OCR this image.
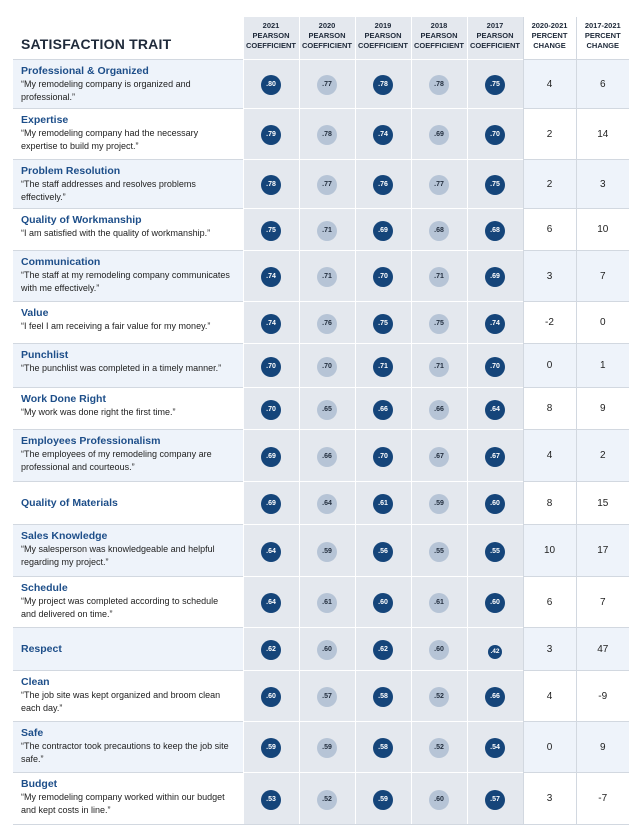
SATISFACTION TRAIT	2021
PEARSON
COEFFICIENT	2020
PEARSON
COEFFICIENT	2019
PEARSON
COEFFICIENT	2018
PEARSON
COEFFICIENT	2017
PEARSON
COEFFICIENT	2020-2021
PERCENT
CHANGE	2017-2021
PERCENT
CHANGE

Professional & Organized
“My remodeling company is organized and professional.”	.80	.77	.78	.78	.75	4	6

Expertise
“My remodeling company had the necessary expertise to build my project.”	.79	.78	.74	.69	.70	2	14

Problem Resolution
“The staff addresses and resolves problems effectively.”	.78	.77	.76	.77	.75	2	3

Quality of Workmanship
“I am satisfied with the quality of workmanship.”	.75	.71	.69	.68	.68	6	10

Communication
“The staff at my remodeling company communicates with me effectively.”	.74	.71	.70	.71	.69	3	7

Value
“I feel I am receiving a fair value for my money.”	.74	.76	.75	.75	.74	-2	0

Punchlist
“The punchlist was completed in a timely manner.”	.70	.70	.71	.71	.70	0	1

Work Done Right
“My work was done right the first time.”	.70	.65	.66	.66	.64	8	9

Employees Professionalism
“The employees of my remodeling company are professional and courteous.”	.69	.66	.70	.67	.67	4	2

Quality of Materials	.69	.64	.61	.59	.60	8	15

Sales Knowledge
“My salesperson was knowledgeable and helpful regarding my project.”	.64	.59	.56	.55	.55	10	17

Schedule
“My project was completed according to schedule and delivered on time.”	.64	.61	.60	.61	.60	6	7

Respect	.62	.60	.62	.60	.42	3	47

Clean
“The job site was kept organized and broom clean each day.”	.60	.57	.58	.52	.66	4	-9

Safe
“The contractor took precautions to keep the job site safe.”	.59	.59	.58	.52	.54	0	9

Budget
“My remodeling company worked within our budget and kept costs in line.”	.53	.52	.59	.60	.57	3	-7
